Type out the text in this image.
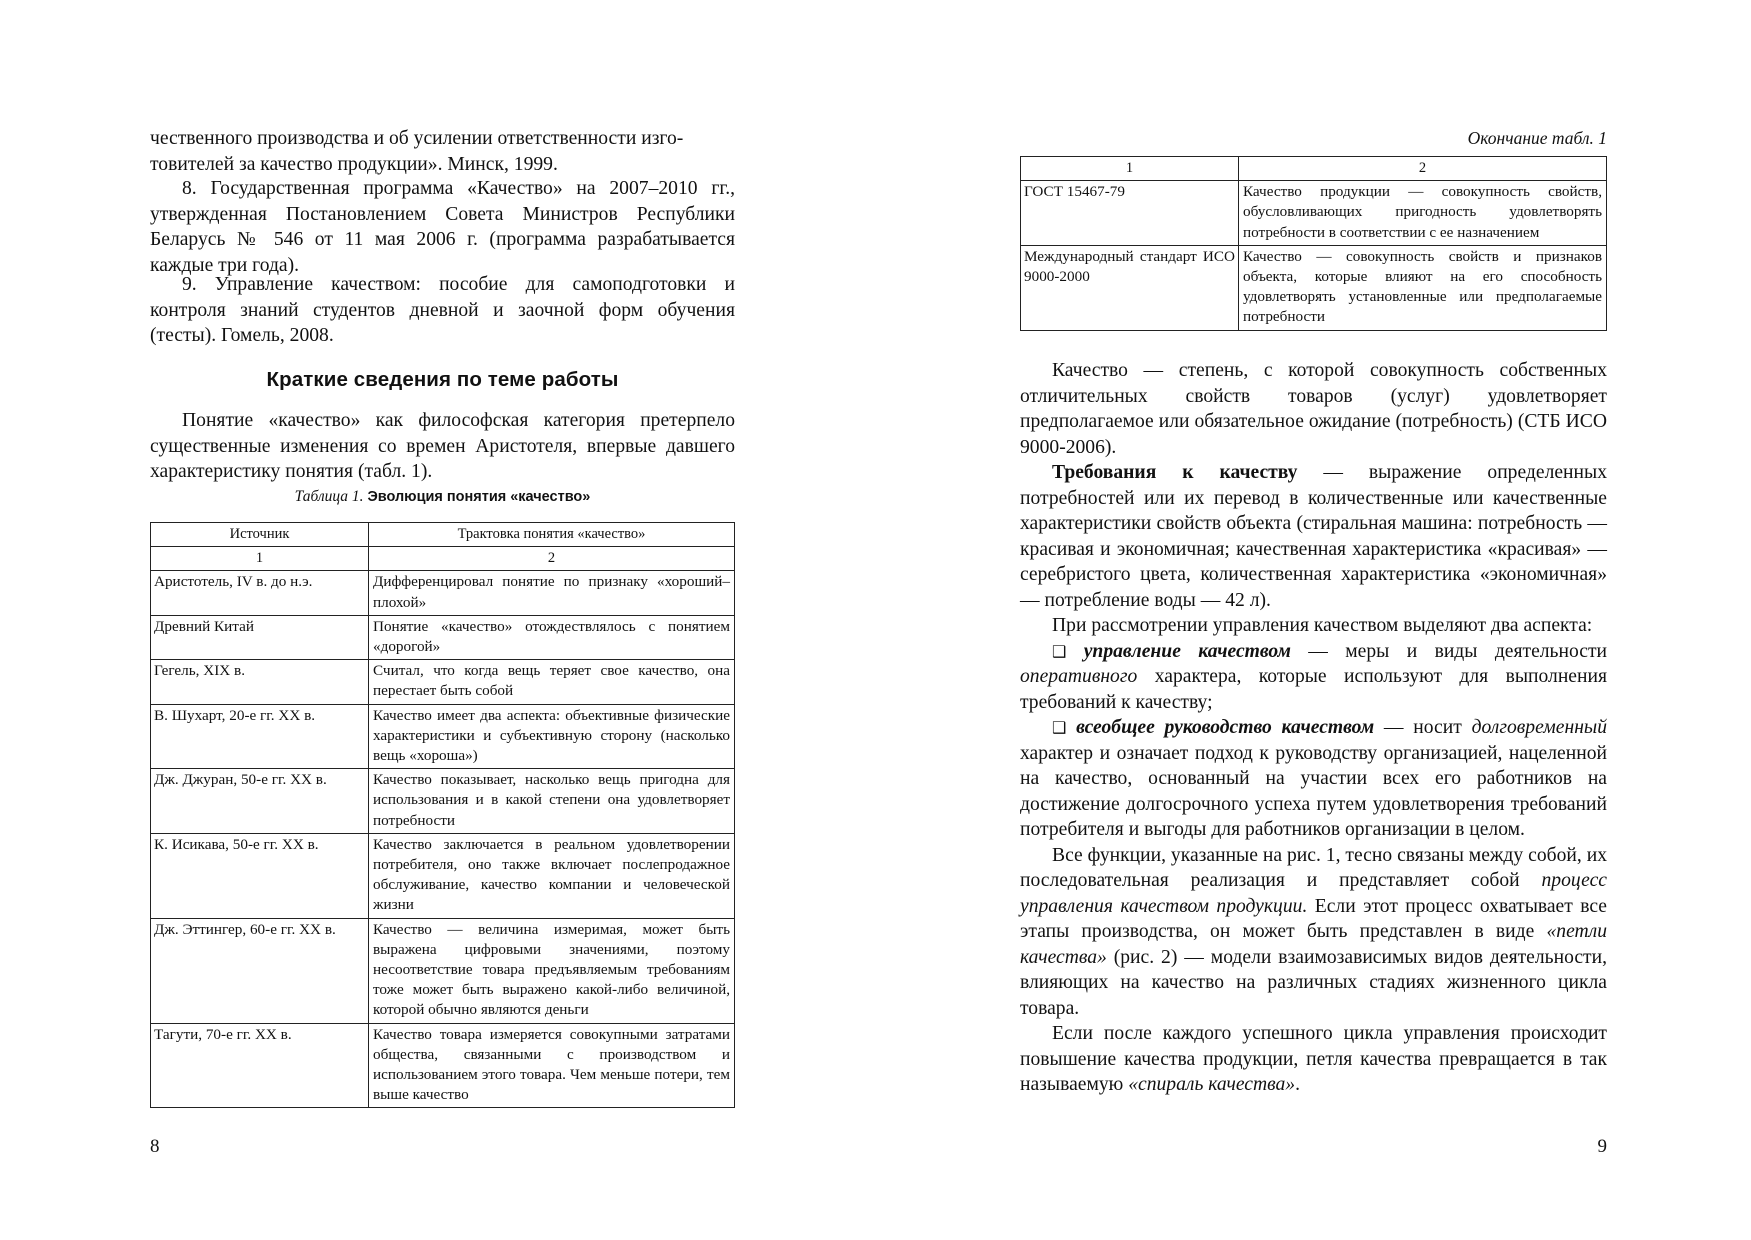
чественного производства и об усилении ответственности изго-

товителей за качество продукции». Минск, 1999.

8. Государственная программа «Качество» на 2007–2010 гг., утвержденная Постановлением Совета Министров Республики Беларусь № 546 от 11 мая 2006 г. (программа разрабатывается каждые три года).

9. Управление качеством: пособие для самоподготовки и контроля знаний студентов дневной и заочной форм обучения (тесты). Гомель, 2008.

Краткие сведения по теме работы

Понятие «качество» как философская категория претерпело существенные изменения со времен Аристотеля, впервые давшего характеристику понятия (табл. 1).

Таблица 1. Эволюция понятия «качество»
Источник	Трактовка понятия «качество»
1	2
Аристотель, IV в. до н.э.	Дифференцировал понятие по признаку «хороший–плохой»
Древний Китай	Понятие «качество» отождествлялось с понятием «дорогой»
Гегель, XIX в.	Считал, что когда вещь теряет свое качество, она перестает быть собой
В. Шухарт, 20-е гг. XX в.	Качество имеет два аспекта: объективные физические характеристики и субъективную сторону (насколько вещь «хороша»)
Дж. Джуран, 50-е гг. XX в.	Качество показывает, насколько вещь пригодна для использования и в какой степени она удовлетворяет потребности
К. Исикава, 50-е гг. XX в.	Качество заключается в реальном удовлетворении потребителя, оно также включает послепродажное обслуживание, качество компании и человеческой жизни
Дж. Эттингер, 60-е гг. XX в.	Качество — величина измеримая, может быть выражена цифровыми значениями, поэтому несоответствие товара предъявляемым требованиям тоже может быть выражено какой-либо величиной, которой обычно являются деньги
Тагути, 70-е гг. XX в.	Качество товара измеряется совокупными затратами общества, связанными с производством и использованием этого товара. Чем меньше потери, тем выше качество
8
Окончание табл. 1
1	2
ГОСТ 15467-79	Качество продукции — совокупность свойств, обусловливающих пригодность удовлетворять потребности в соответствии с ее назначением
Международный стандарт ИСО 9000-2000	Качество — совокупность свойств и признаков объекта, которые влияют на его способность удовлетворять установленные или предполагаемые потребности

Качество — степень, с которой совокупность собственных отличительных свойств товаров (услуг) удовлетворяет предполагаемое или обязательное ожидание (потребность) (СТБ ИСО 9000-2006).

Требования к качеству — выражение определенных потребностей или их перевод в количественные или качественные характеристики свойств объекта (стиральная машина: потребность — красивая и экономичная; качественная характеристика «красивая» — серебристого цвета, количественная характеристика «экономичная» — потребление воды — 42 л).

При рассмотрении управления качеством выделяют два аспекта:

❑ управление качеством — меры и виды деятельности оперативного характера, которые используют для выполнения требований к качеству;

❑ всеобщее руководство качеством — носит долговременный характер и означает подход к руководству организацией, нацеленной на качество, основанный на участии всех его работников на достижение долгосрочного успеха путем удовлетворения требований потребителя и выгоды для работников организации в целом.

Все функции, указанные на рис. 1, тесно связаны между собой, их последовательная реализация и представляет собой процесс управления качеством продукции. Если этот процесс охватывает все этапы производства, он может быть представлен в виде «петли качества» (рис. 2) — модели взаимозависимых видов деятельности, влияющих на качество на различных стадиях жизненного цикла товара.

Если после каждого успешного цикла управления происходит повышение качества продукции, петля качества превращается в так называемую «спираль качества».

9
